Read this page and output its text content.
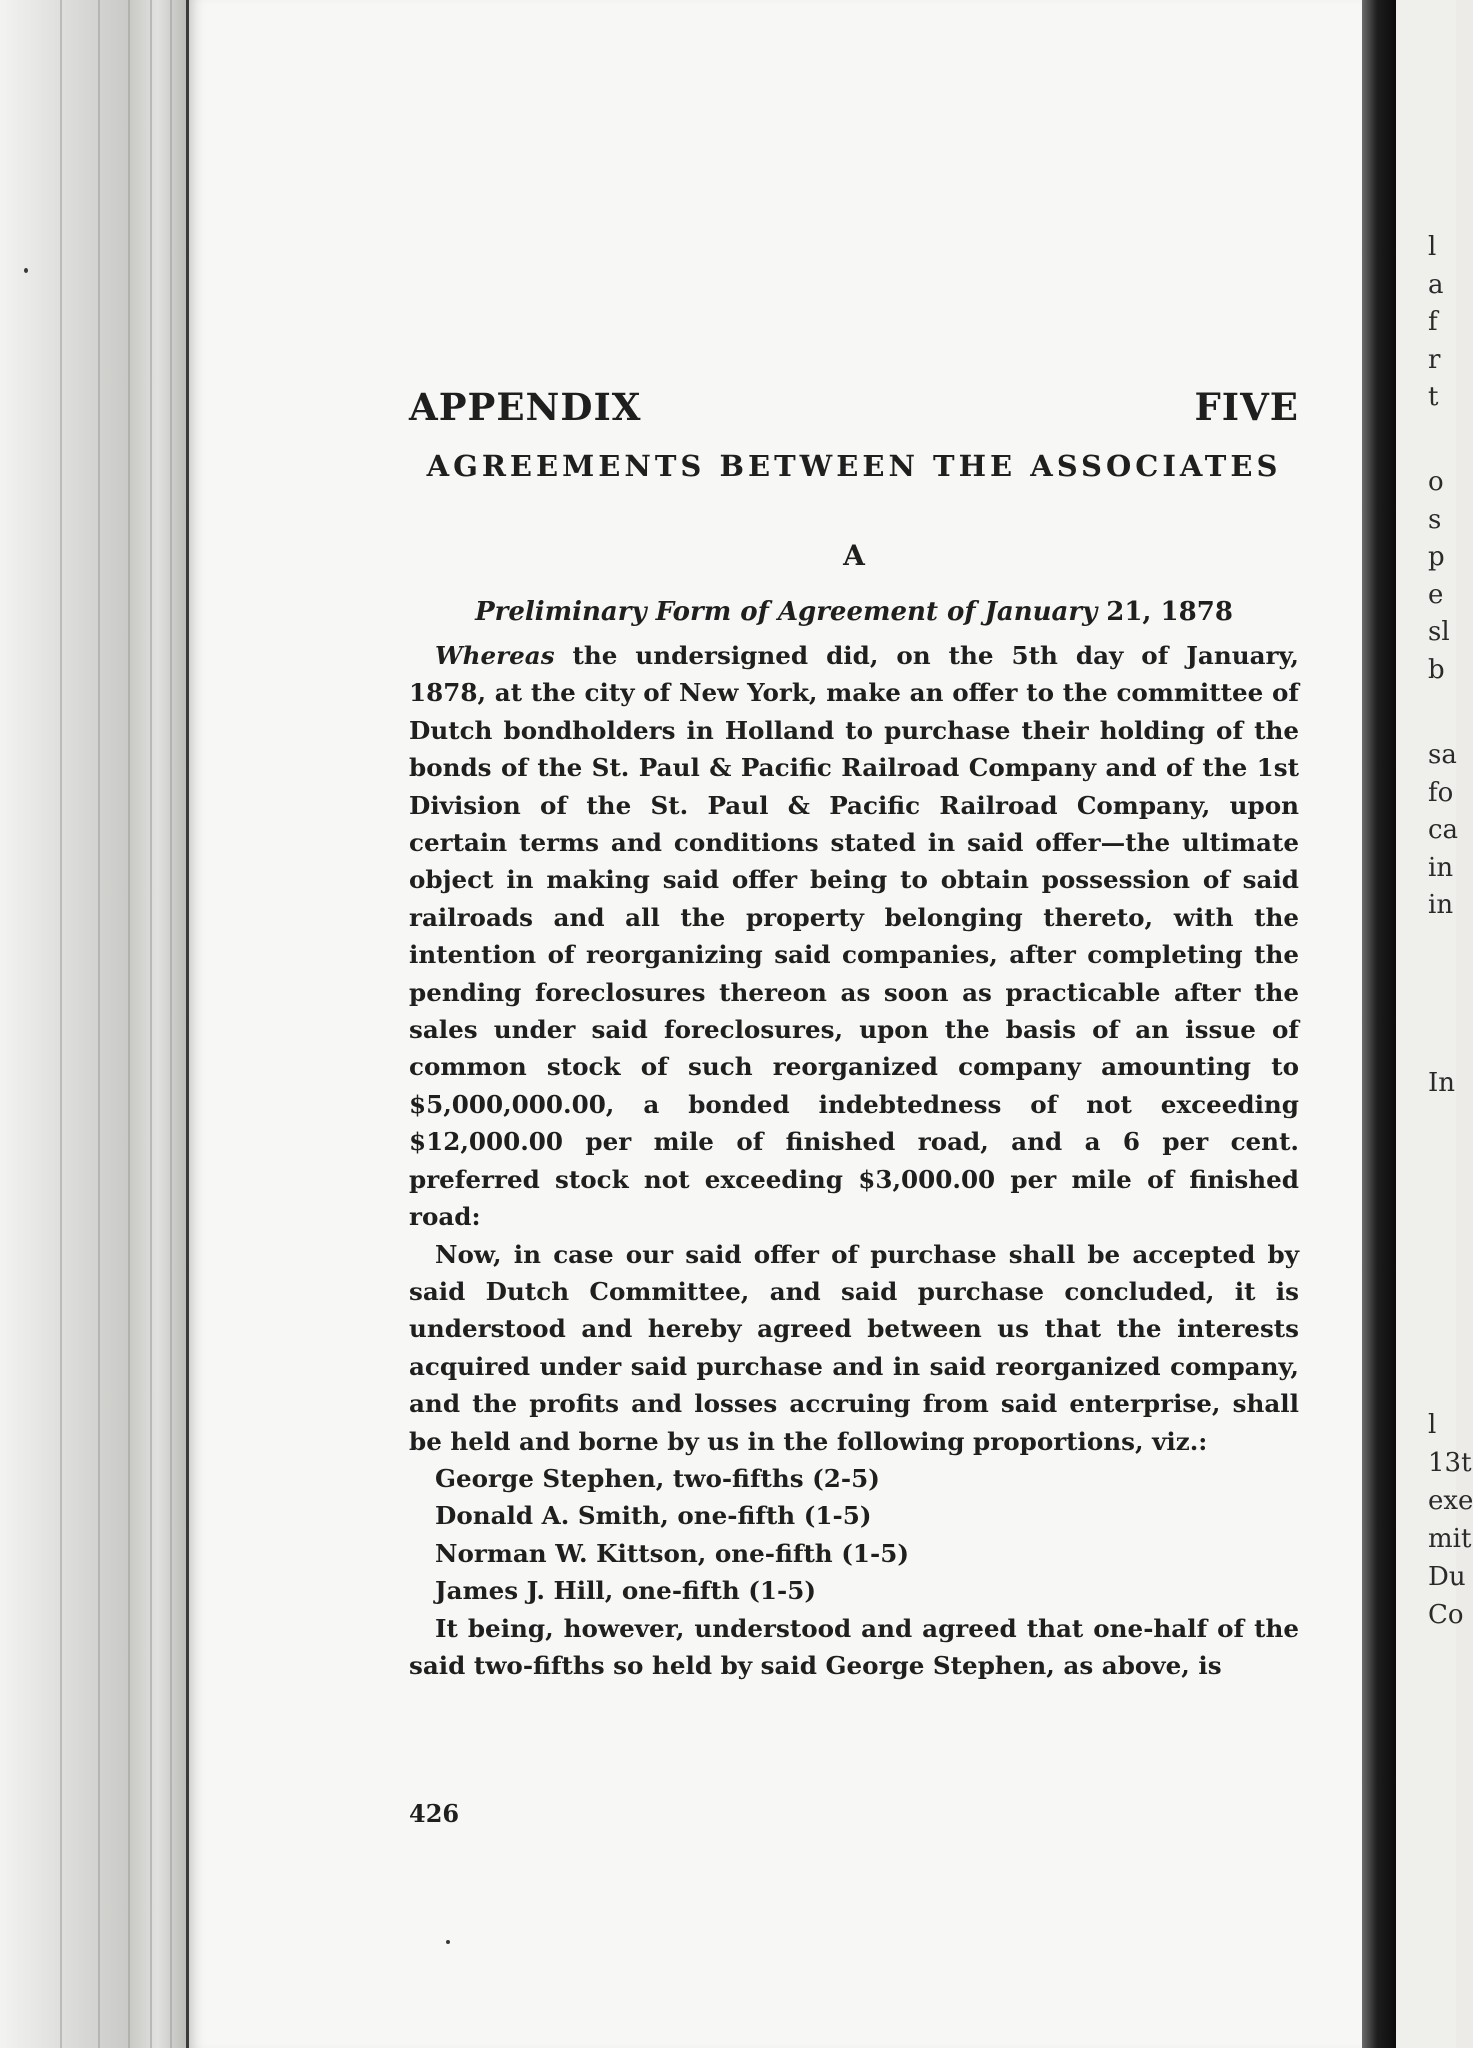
l
a
f
r
t
o
s
p
e
sl
b
sa
fo
ca
in
in
In
l
13t
exe
mit
Du
Co
APPENDIX	FIVE
AGREEMENTS BETWEEN THE ASSOCIATES
A
Preliminary Form of Agreement of January 21, 1878

Whereas the undersigned did, on the 5th day of January, 1878, at the city of New York, make an offer to the committee of Dutch bondholders in Holland to purchase their holding of the bonds of the St. Paul & Pacific Railroad Company and of the 1st Division of the St. Paul & Pacific Railroad Company, upon certain terms and conditions stated in said offer—the ultimate object in making said offer being to obtain possession of said railroads and all the property belonging thereto, with the intention of reorganizing said companies, after completing the pending foreclosures thereon as soon as practicable after the sales under said foreclosures, upon the basis of an issue of common stock of such reorganized company amounting to $5,000,000.00, a bonded indebtedness of not exceeding $12,000.00 per mile of finished road, and a 6 per cent. preferred stock not exceeding $3,000.00 per mile of finished road:

Now, in case our said offer of purchase shall be accepted by said Dutch Committee, and said purchase concluded, it is understood and hereby agreed between us that the interests acquired under said purchase and in said reorganized company, and the profits and losses accruing from said enterprise, shall be held and borne by us in the following proportions, viz.:

George Stephen, two-fifths (2-5)
Donald A. Smith, one-fifth (1-5)
Norman W. Kittson, one-fifth (1-5)
James J. Hill, one-fifth (1-5)

It being, however, understood and agreed that one-half of the said two-fifths so held by said George Stephen, as above, is

426
